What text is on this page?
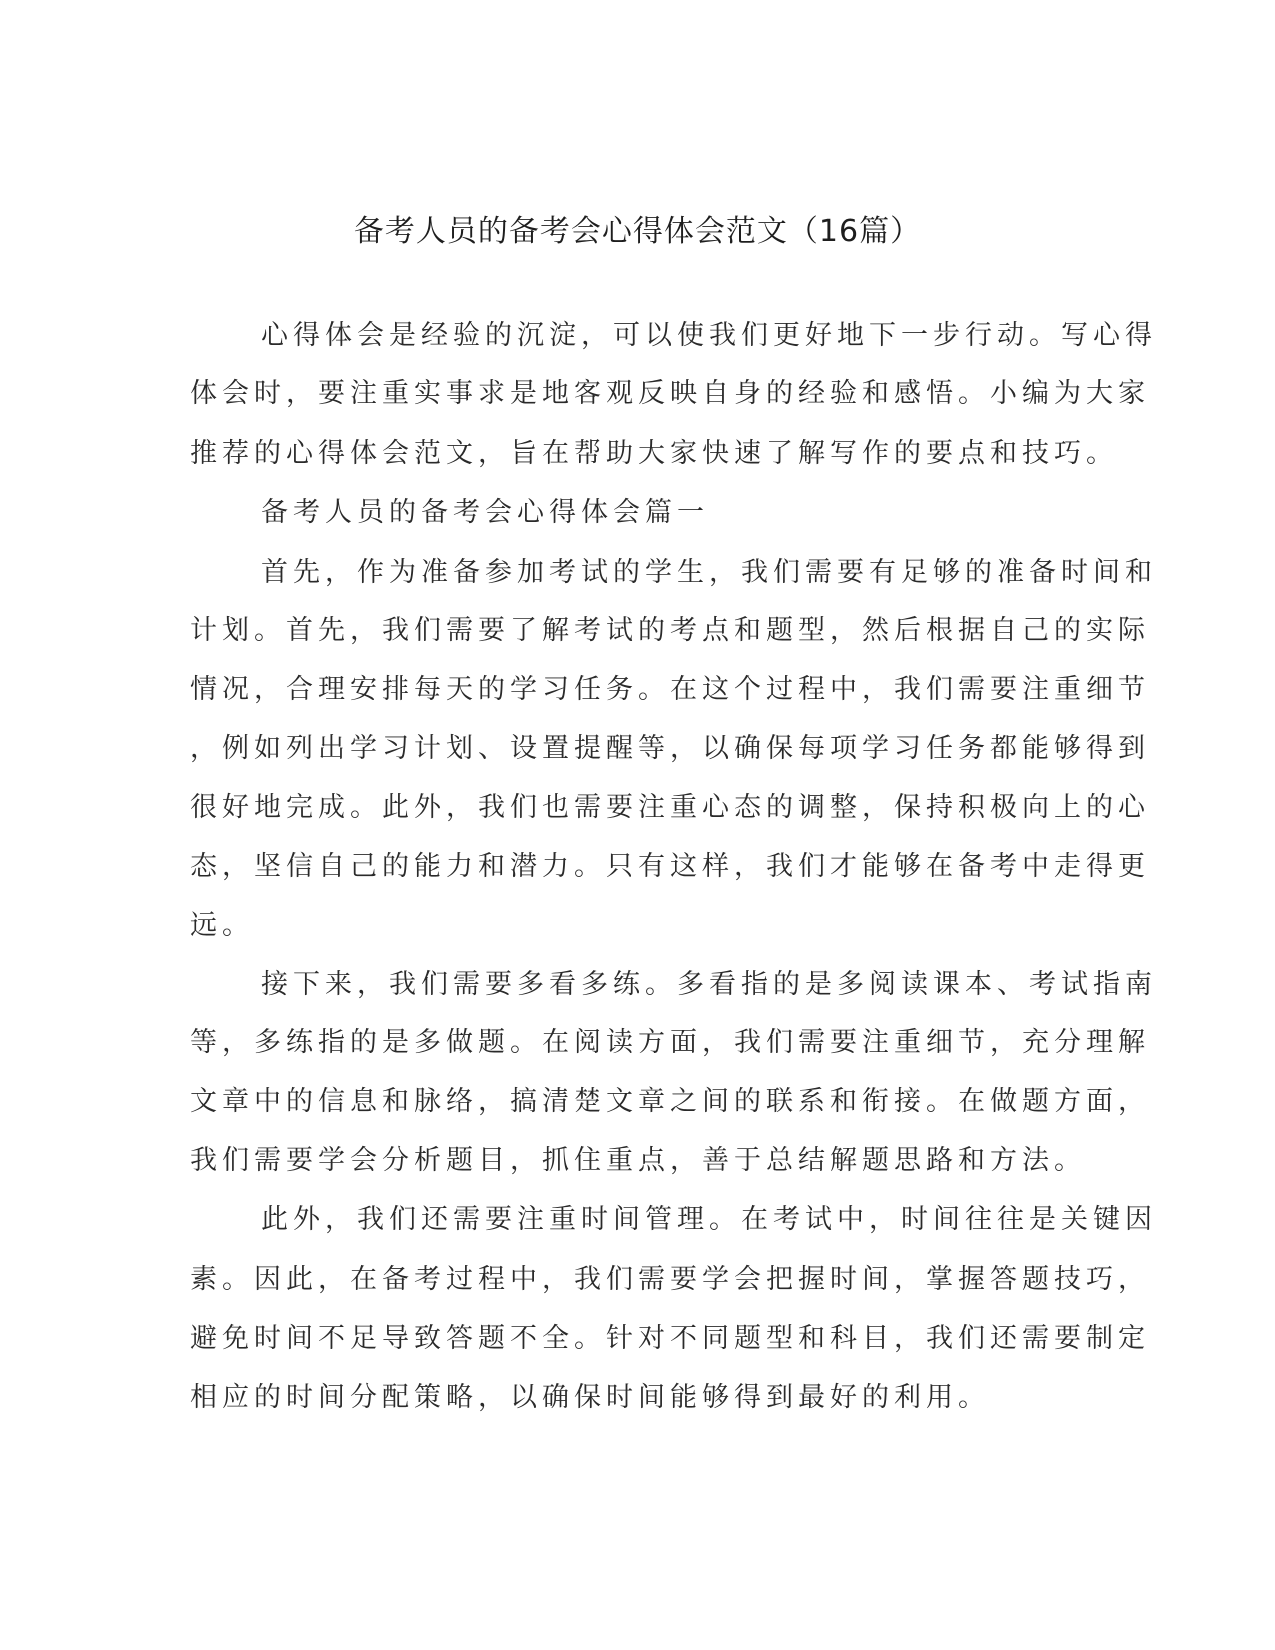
备考人员的备考会心得体会范文（16篇）
心得体会是经验的沉淀，可以使我们更好地下一步行动。写心得
体会时，要注重实事求是地客观反映自身的经验和感悟。小编为大家
推荐的心得体会范文，旨在帮助大家快速了解写作的要点和技巧。
备考人员的备考会心得体会篇一
首先，作为准备参加考试的学生，我们需要有足够的准备时间和
计划。首先，我们需要了解考试的考点和题型，然后根据自己的实际
情况，合理安排每天的学习任务。在这个过程中，我们需要注重细节
，例如列出学习计划、设置提醒等，以确保每项学习任务都能够得到
很好地完成。此外，我们也需要注重心态的调整，保持积极向上的心
态，坚信自己的能力和潜力。只有这样，我们才能够在备考中走得更
远。
接下来，我们需要多看多练。多看指的是多阅读课本、考试指南
等，多练指的是多做题。在阅读方面，我们需要注重细节，充分理解
文章中的信息和脉络，搞清楚文章之间的联系和衔接。在做题方面，
我们需要学会分析题目，抓住重点，善于总结解题思路和方法。
此外，我们还需要注重时间管理。在考试中，时间往往是关键因
素。因此，在备考过程中，我们需要学会把握时间，掌握答题技巧，
避免时间不足导致答题不全。针对不同题型和科目，我们还需要制定
相应的时间分配策略，以确保时间能够得到最好的利用。
